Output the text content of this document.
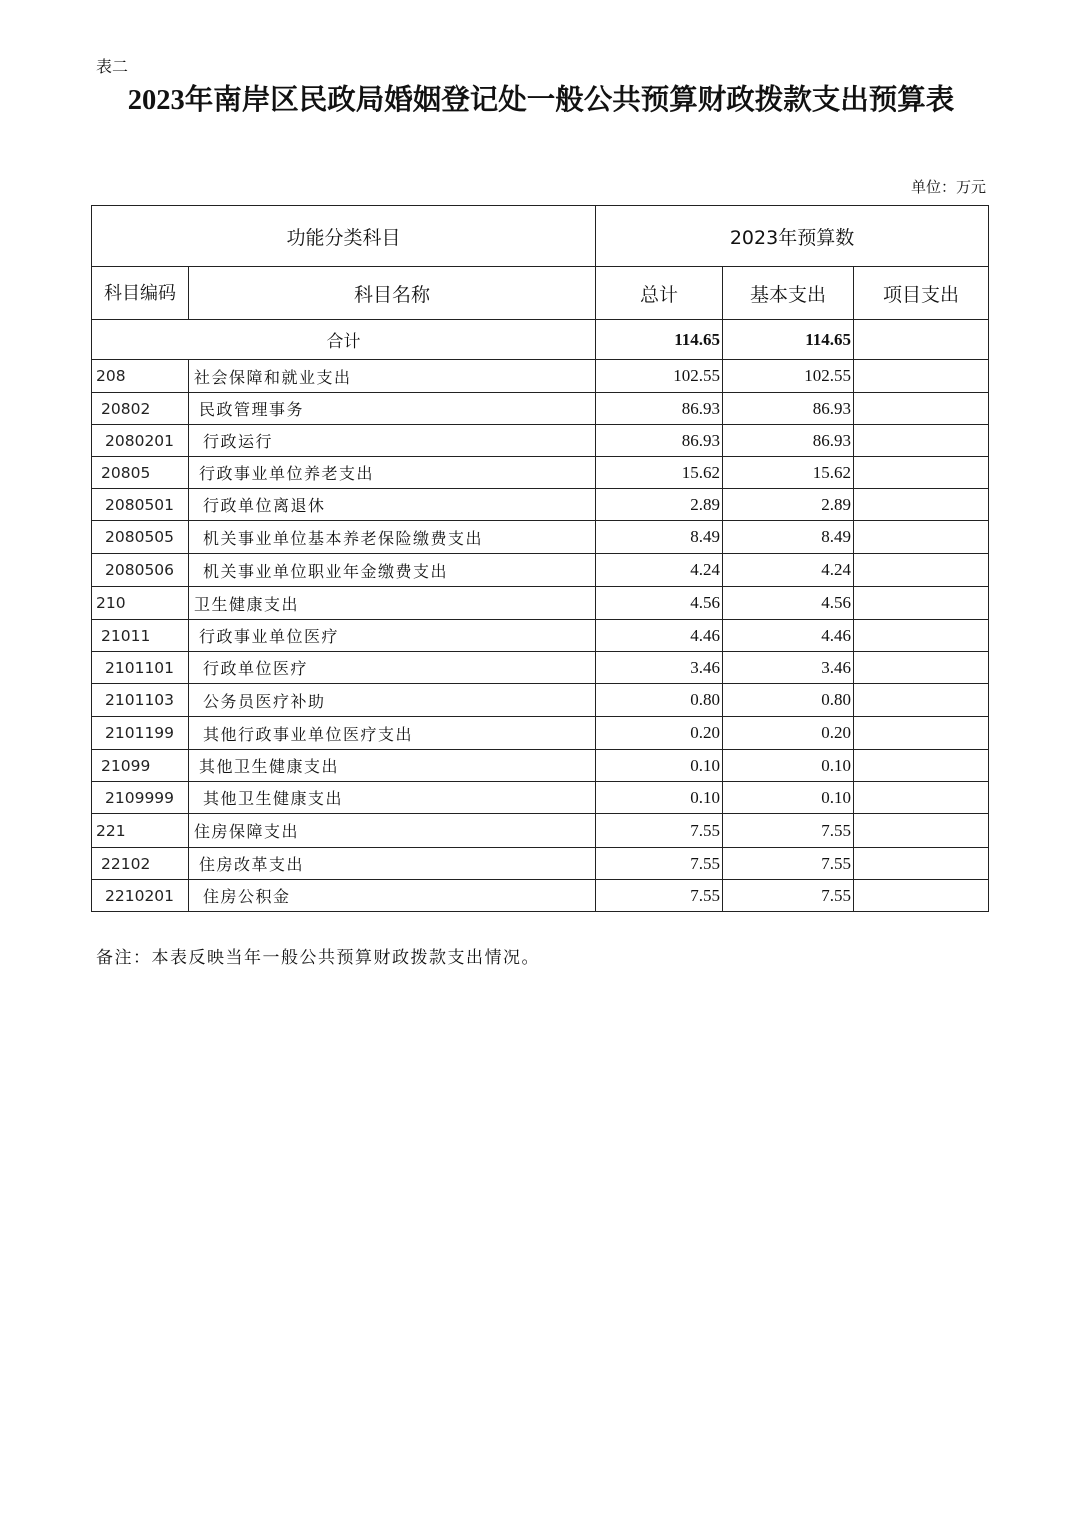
表二
2023年南岸区民政局婚姻登记处一般公共预算财政拨款支出预算表
单位：万元
功能分类科目		2023年预算数		
科目编码	科目名称	总计	基本支出	项目支出
合计		114.65	114.65	
208	社会保障和就业支出	102.55	102.55	
20802	民政管理事务	86.93	86.93	
2080201	行政运行	86.93	86.93	
20805	行政事业单位养老支出	15.62	15.62	
2080501	行政单位离退休	2.89	2.89	
2080505	机关事业单位基本养老保险缴费支出	8.49	8.49	
2080506	机关事业单位职业年金缴费支出	4.24	4.24	
210	卫生健康支出	4.56	4.56	
21011	行政事业单位医疗	4.46	4.46	
2101101	行政单位医疗	3.46	3.46	
2101103	公务员医疗补助	0.80	0.80	
2101199	其他行政事业单位医疗支出	0.20	0.20	
21099	其他卫生健康支出	0.10	0.10	
2109999	其他卫生健康支出	0.10	0.10	
221	住房保障支出	7.55	7.55	
22102	住房改革支出	7.55	7.55	
2210201	住房公积金	7.55	7.55	
备注：本表反映当年一般公共预算财政拨款支出情况。
